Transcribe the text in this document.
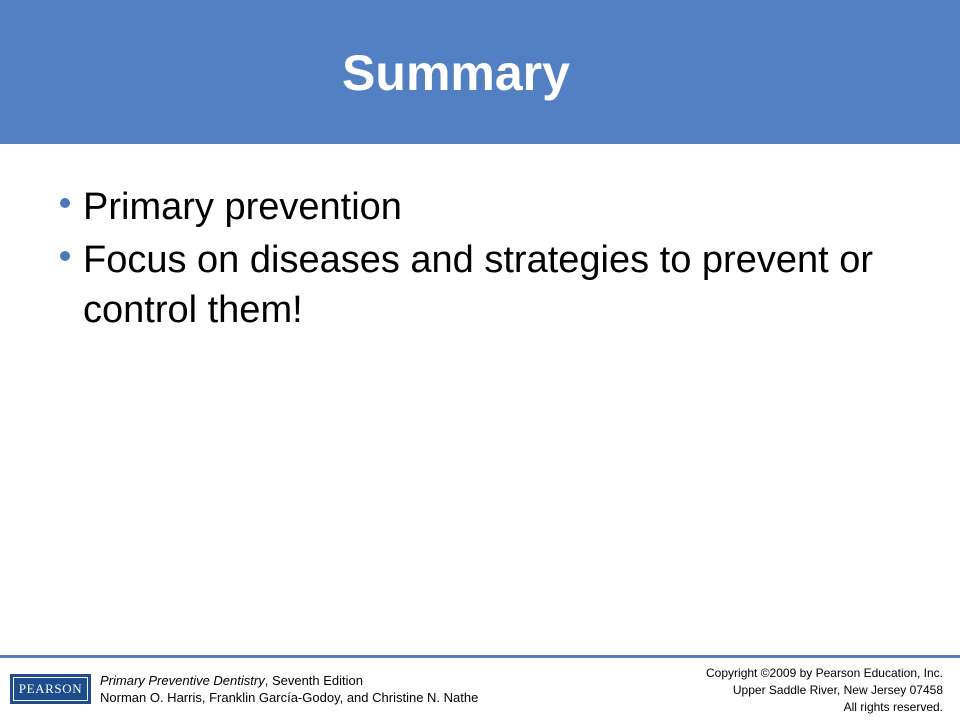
Summary
Primary prevention
Focus on diseases and strategies to prevent or control them!
PEARSON
Primary Preventive Dentistry, Seventh Edition
Norman O. Harris, Franklin García-Godoy, and Christine N. Nathe
Copyright ©2009 by Pearson Education, Inc.
Upper Saddle River, New Jersey 07458
All rights reserved.
